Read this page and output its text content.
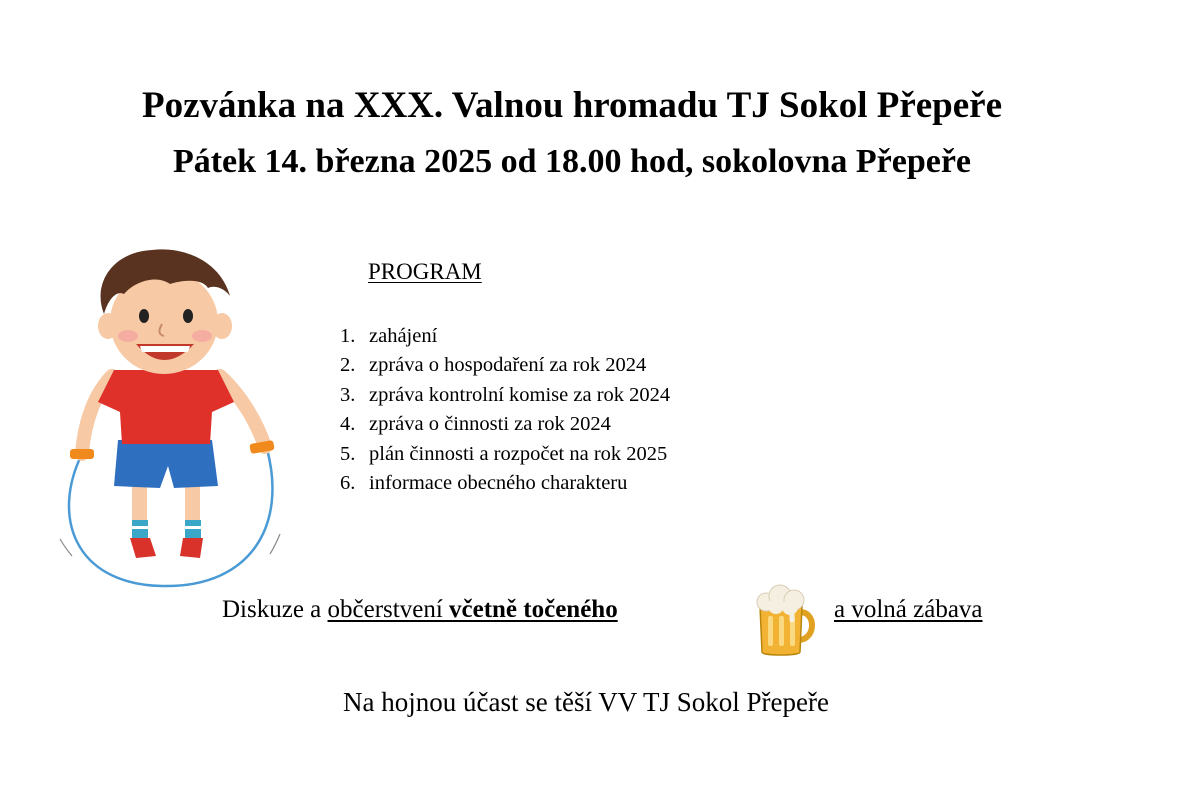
Pozvánka na XXX. Valnou hromadu TJ Sokol Přepeře
Pátek 14. března 2025 od 18.00 hod, sokolovna Přepeře
PROGRAM
1. zahájení
2. zpráva o hospodaření za rok 2024
3. zpráva kontrolní komise za rok 2024
4. zpráva o činnosti za rok 2024
5. plán činnosti a rozpočet na rok 2025
6. informace obecného charakteru
Diskuze a občerstvení včetně točeného	a volná zábava
Na hojnou účast se těší VV TJ Sokol Přepeře
